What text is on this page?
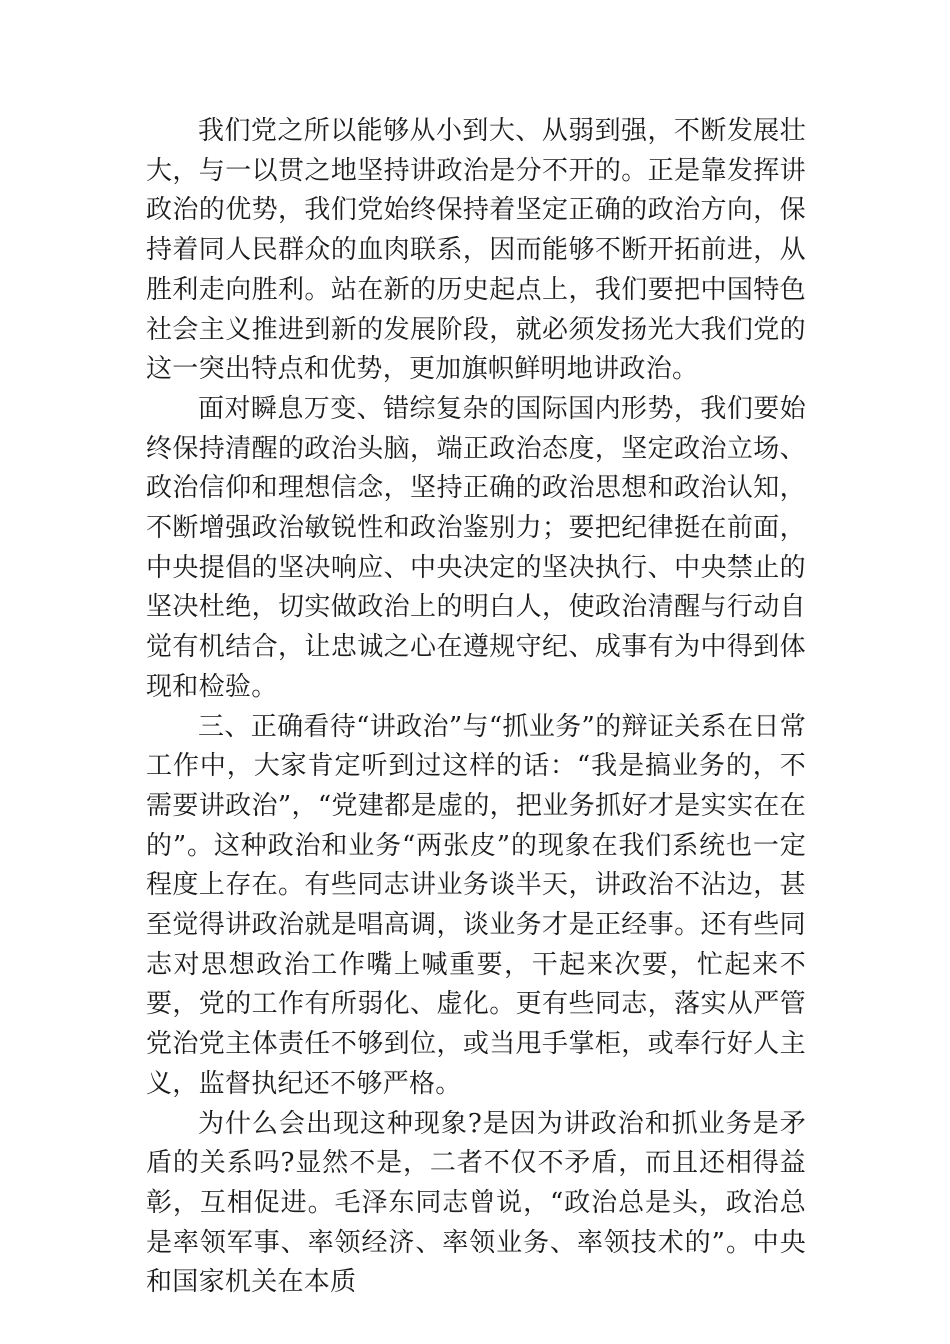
我们党之所以能够从小到大、从弱到强，不断发展壮大，与一以贯之地坚持讲政治是分不开的。正是靠发挥讲政治的优势，我们党始终保持着坚定正确的政治方向，保持着同人民群众的血肉联系，因而能够不断开拓前进，从胜利走向胜利。站在新的历史起点上，我们要把中国特色社会主义推进到新的发展阶段，就必须发扬光大我们党的这一突出特点和优势，更加旗帜鲜明地讲政治。

面对瞬息万变、错综复杂的国际国内形势，我们要始终保持清醒的政治头脑，端正政治态度，坚定政治立场、政治信仰和理想信念，坚持正确的政治思想和政治认知，不断增强政治敏锐性和政治鉴别力；要把纪律挺在前面，中央提倡的坚决响应、中央决定的坚决执行、中央禁止的坚决杜绝，切实做政治上的明白人，使政治清醒与行动自觉有机结合，让忠诚之心在遵规守纪、成事有为中得到体现和检验。

三、正确看待“讲政治”与“抓业务”的辩证关系在日常工作中，大家肯定听到过这样的话：“我是搞业务的，不需要讲政治”，“党建都是虚的，把业务抓好才是实实在在的”。这种政治和业务“两张皮”的现象在我们系统也一定程度上存在。有些同志讲业务谈半天，讲政治不沾边，甚至觉得讲政治就是唱高调，谈业务才是正经事。还有些同志对思想政治工作嘴上喊重要，干起来次要，忙起来不要，党的工作有所弱化、虚化。更有些同志，落实从严管党治党主体责任不够到位，或当甩手掌柜，或奉行好人主义，监督执纪还不够严格。

为什么会出现这种现象?是因为讲政治和抓业务是矛盾的关系吗?显然不是，二者不仅不矛盾，而且还相得益彰，互相促进。毛泽东同志曾说，“政治总是头，政治总是率领军事、率领经济、率领业务、率领技术的”。中央和国家机关在本质
